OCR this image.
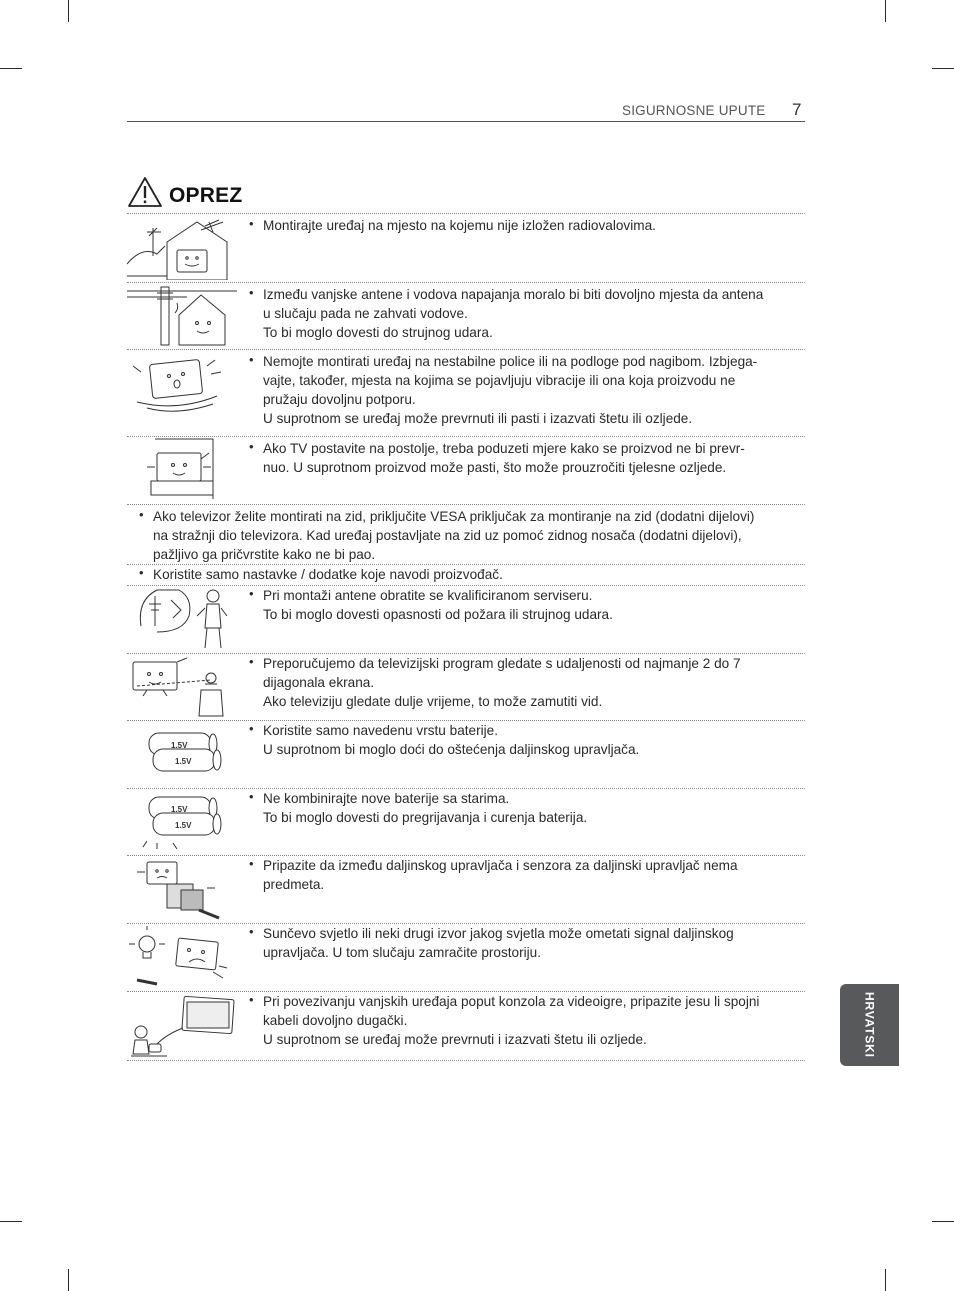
SIGURNOSNE UPUTE 7
OPREZ
• Montirajte uređaj na mjesto na kojemu nije izložen radiovalovima.

• Između vanjske antene i vodova napajanja moralo bi biti dovoljno mjesta da antena

u slučaju pada ne zahvati vodove.

To bi moglo dovesti do strujnog udara.

• Nemojte montirati uređaj na nestabilne police ili na podloge pod nagibom. Izbjega-

vajte, također, mjesta na kojima se pojavljuju vibracije ili ona koja proizvodu ne

pružaju dovoljnu potporu.

U suprotnom se uređaj može prevrnuti ili pasti i izazvati štetu ili ozljede.

• Ako TV postavite na postolje, treba poduzeti mjere kako se proizvod ne bi prevr-

nuo. U suprotnom proizvod može pasti, što može prouzročiti tjelesne ozljede.

• Ako televizor želite montirati na zid, priključite VESA priključak za montiranje na zid (dodatni dijelovi)

na stražnji dio televizora. Kad uređaj postavljate na zid uz pomoć zidnog nosača (dodatni dijelovi),

pažljivo ga pričvrstite kako ne bi pao.

• Koristite samo nastavke / dodatke koje navodi proizvođač.

• Pri montaži antene obratite se kvalificiranom serviseru.

To bi moglo dovesti opasnosti od požara ili strujnog udara.

• Preporučujemo da televizijski program gledate s udaljenosti od najmanje 2 do 7

dijagonala ekrana.

Ako televiziju gledate dulje vrijeme, to može zamutiti vid.

1.5V
1.5V
• Koristite samo navedenu vrstu baterije.

U suprotnom bi moglo doći do oštećenja daljinskog upravljača.

1.5V
1.5V
• Ne kombinirajte nove baterije sa starima.

To bi moglo dovesti do pregrijavanja i curenja baterija.

• Pripazite da između daljinskog upravljača i senzora za daljinski upravljač nema

predmeta.

• Sunčevo svjetlo ili neki drugi izvor jakog svjetla može ometati signal daljinskog

upravljača. U tom slučaju zamračite prostoriju.

• Pri povezivanju vanjskih uređaja poput konzola za videoigre, pripazite jesu li spojni

kabeli dovoljno dugački.

U suprotnom se uređaj može prevrnuti i izazvati štetu ili ozljede.	HRVATSKI
